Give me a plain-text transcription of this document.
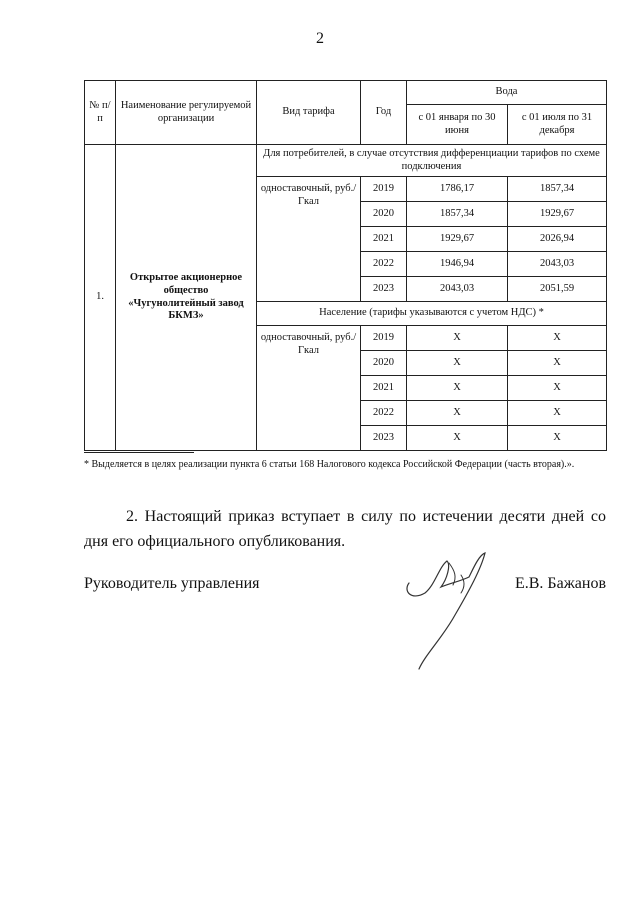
2
№ п/п	Наименование регулируемой организации	Вид тарифа	Год	Вода	
				с 01 января по 30 июня	с 01 июля по 31 декабря
1.	Открытое акционерное общество «Чугунолитейный завод БКМЗ»	Для потребителей, в случае отсутствия дифференциации тарифов по схеме подключения			
		одноставочный, руб./Гкал	2019	1786,17	1857,34
			2020	1857,34	1929,67
			2021	1929,67	2026,94
			2022	1946,94	2043,03
			2023	2043,03	2051,59
		Население (тарифы указываются с учетом НДС) *			
		одноставочный, руб./Гкал	2019	Х	Х
			2020	Х	Х
			2021	Х	Х
			2022	Х	Х
			2023	Х	Х
* Выделяется в целях реализации пункта 6 статьи 168 Налогового кодекса Российской Федерации (часть вторая).».
2. Настоящий приказ вступает в силу по истечении десяти дней со дня его официального опубликования.
Руководитель управления	Е.В. Бажанов
